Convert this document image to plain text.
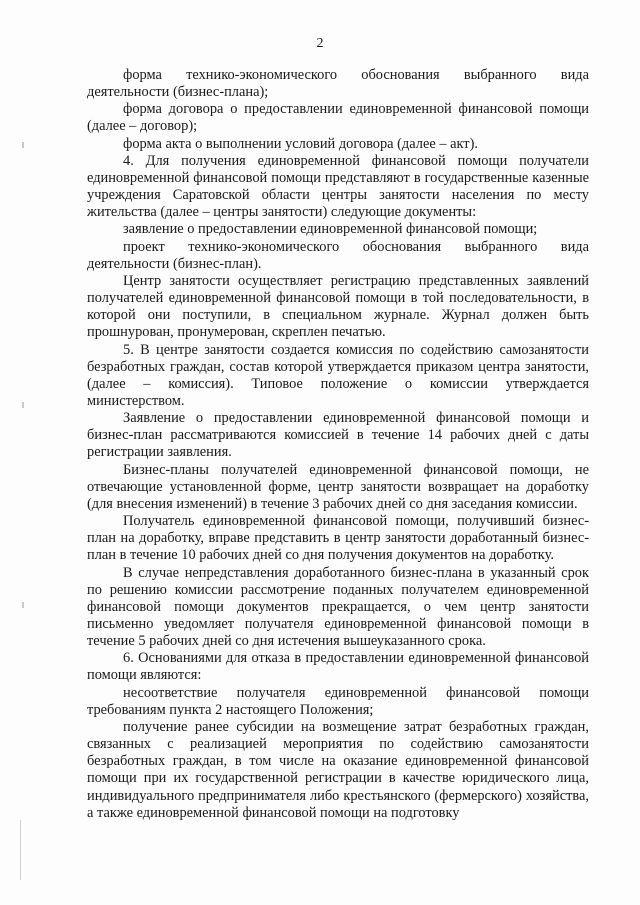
2

форма технико-экономического обоснования выбранного вида деятельности (бизнес-плана);

форма договора о предоставлении единовременной финансовой помощи (далее – договор);

форма акта о выполнении условий договора (далее – акт).

4. Для получения единовременной финансовой помощи получатели единовременной финансовой помощи представляют в государственные казенные учреждения Саратовской области центры занятости населения по месту жительства (далее – центры занятости) следующие документы:

заявление о предоставлении единовременной финансовой помощи;

проект технико-экономического обоснования выбранного вида деятельности (бизнес-план).

Центр занятости осуществляет регистрацию представленных заявлений получателей единовременной финансовой помощи в той последовательности, в которой они поступили, в специальном журнале. Журнал должен быть прошнурован, пронумерован, скреплен печатью.

5. В центре занятости создается комиссия по содействию самозанятости безработных граждан, состав которой утверждается приказом центра занятости, (далее – комиссия). Типовое положение о комиссии утверждается министерством.

Заявление о предоставлении единовременной финансовой помощи и бизнес-план рассматриваются комиссией в течение 14 рабочих дней с даты регистрации заявления.

Бизнес-планы получателей единовременной финансовой помощи, не отвечающие установленной форме, центр занятости возвращает на доработку (для внесения изменений) в течение 3 рабочих дней со дня заседания комиссии.

Получатель единовременной финансовой помощи, получивший бизнес-план на доработку, вправе представить в центр занятости доработанный бизнес-план в течение 10 рабочих дней со дня получения документов на доработку.

В случае непредставления доработанного бизнес-плана в указанный срок по решению комиссии рассмотрение поданных получателем единовременной финансовой помощи документов прекращается, о чем центр занятости письменно уведомляет получателя единовременной финансовой помощи в течение 5 рабочих дней со дня истечения вышеуказанного срока.

6. Основаниями для отказа в предоставлении единовременной финансовой помощи являются:

несоответствие получателя единовременной финансовой помощи требованиям пункта 2 настоящего Положения;

получение ранее субсидии на возмещение затрат безработных граждан, связанных с реализацией мероприятия по содействию самозанятости безработных граждан, в том числе на оказание единовременной финансовой помощи при их государственной регистрации в качестве юридического лица, индивидуального предпринимателя либо крестьянского (фермерского) хозяйства, а также единовременной финансовой помощи на подготовку
